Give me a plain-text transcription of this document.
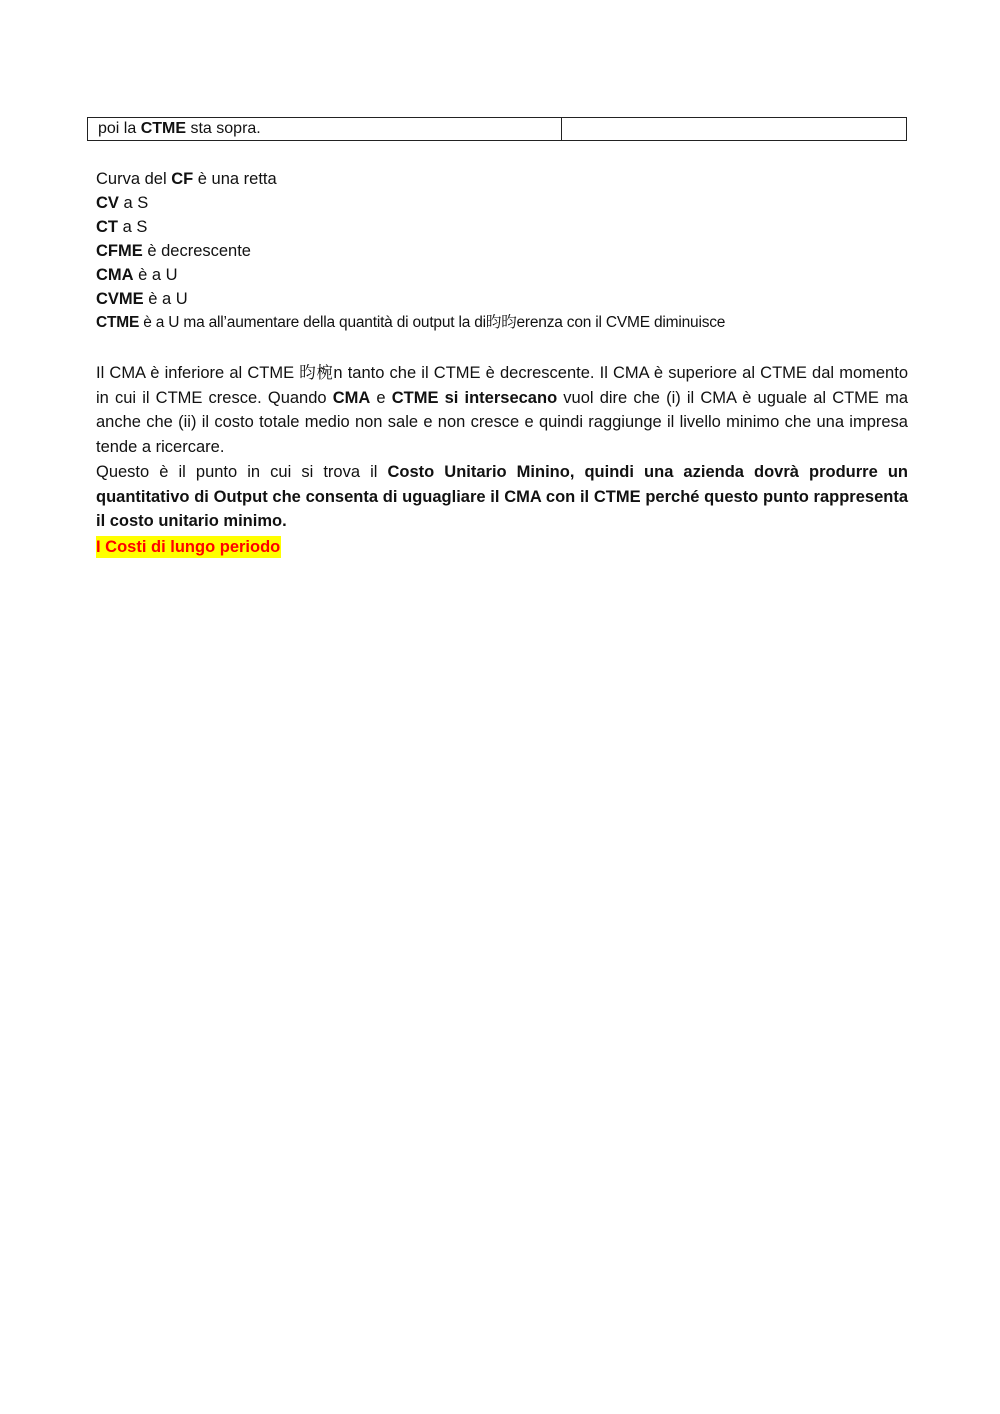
poi la CTME sta sopra.
Curva del CF è una retta
CV a S
CT a S
CFME è decrescente
CMA è a U
CVME è a U
CTME è a U ma all’aumentare della quantità di output la di昀昀erenza con il CVME diminuisce
Il CMA è inferiore al CTME 昀椀n tanto che il CTME è decrescente. Il CMA è superiore al CTME dal momento in cui il CTME cresce. Quando CMA e CTME si intersecano vuol dire che (i) il CMA è uguale al CTME ma anche che (ii) il costo totale medio non sale e non cresce e quindi raggiunge il livello minimo che una impresa tende a ricercare.
Questo è il punto in cui si trova il Costo Unitario Minino, quindi una azienda dovrà produrre un quantitativo di Output che consenta di uguagliare il CMA con il CTME perché questo punto rappresenta il costo unitario minimo.
I Costi di lungo periodo
